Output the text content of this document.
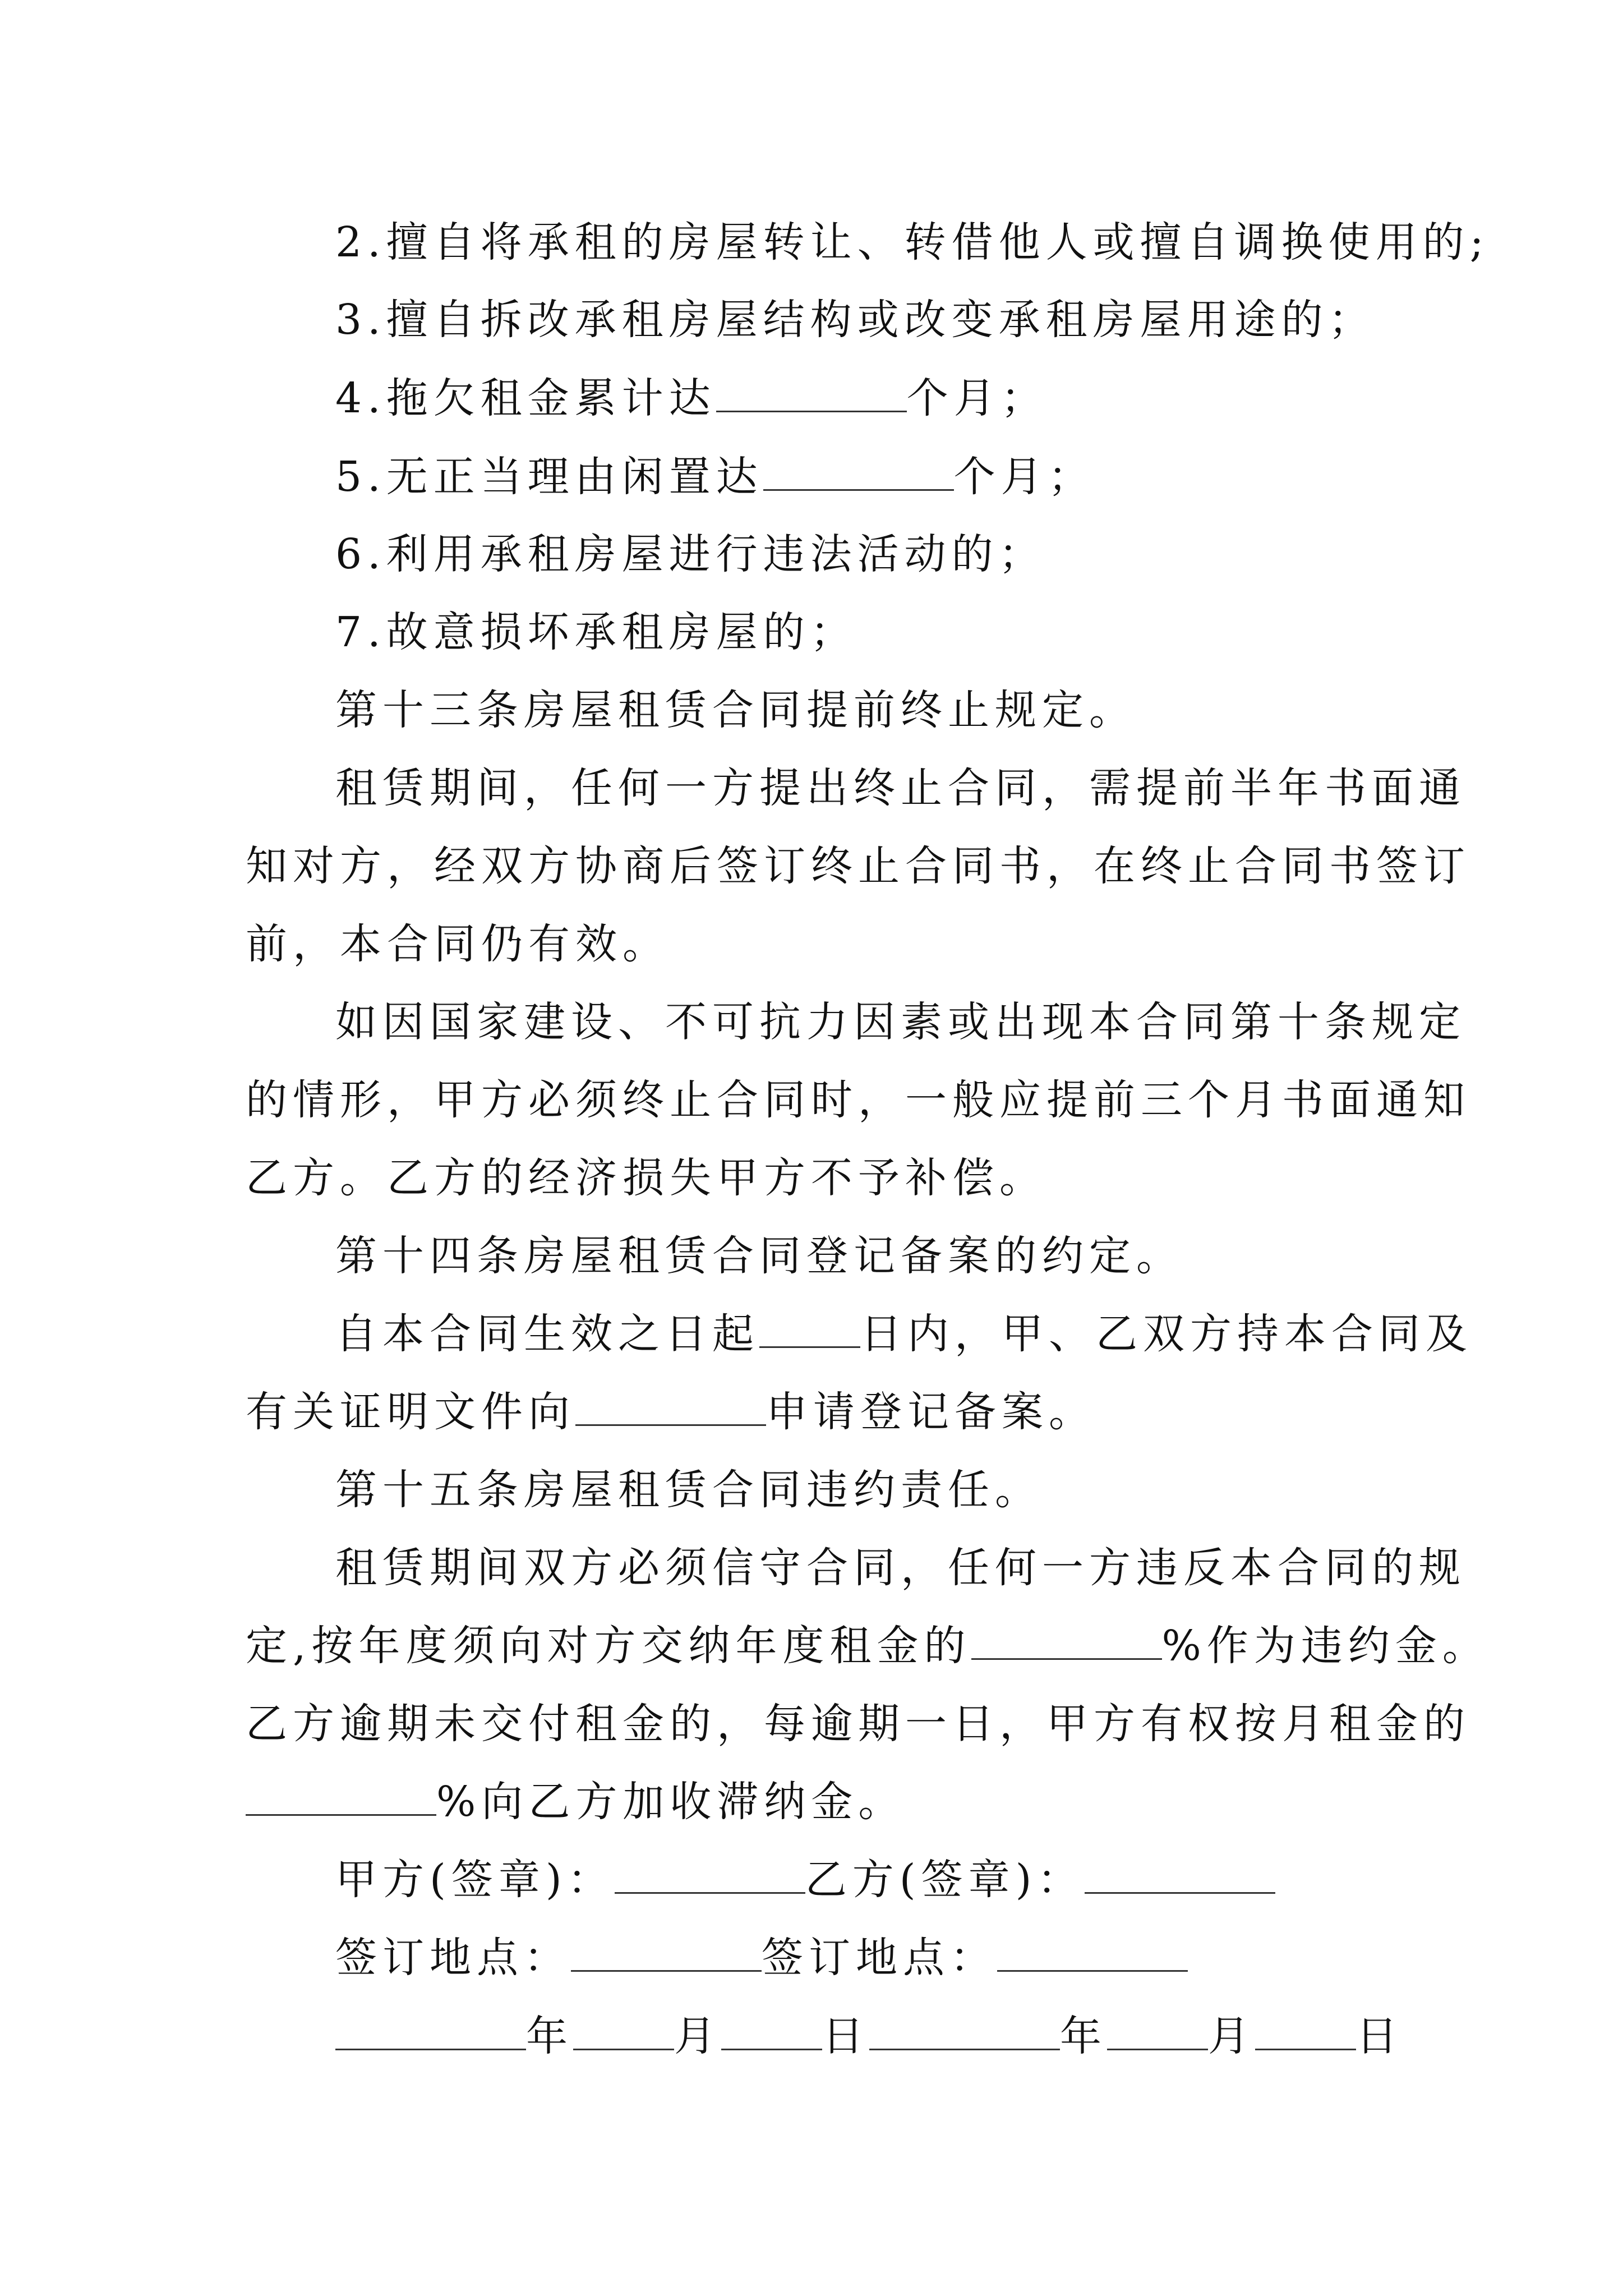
2.擅自将承租的房屋转让、转借他人或擅自调换使用的;
3.擅自拆改承租房屋结构或改变承租房屋用途的；
4.拖欠租金累计达	个月；
5.无正当理由闲置达	个月；
6.利用承租房屋进行违法活动的；
7.故意损坏承租房屋的；
第十三条房屋租赁合同提前终止规定。
租赁期间，任何一方提出终止合同，需提前半年书面通
知对方，经双方协商后签订终止合同书，在终止合同书签订
前，本合同仍有效。
如因国家建设、不可抗力因素或出现本合同第十条规定
的情形，甲方必须终止合同时，一般应提前三个月书面通知
乙方。乙方的经济损失甲方不予补偿。
第十四条房屋租赁合同登记备案的约定。
自本合同生效之日起 日内，甲、乙双方持本合同及
有关证明文件向	申请登记备案。
第十五条房屋租赁合同违约责任。
租赁期间双方必须信守合同，任何一方违反本合同的规
定,按年度须向对方交纳年度租金的	%作为违约金。
乙方逾期未交付租金的，每逾期一日，甲方有权按月租金的
%向乙方加收滞纳金。
甲方(签章)：	乙方(签章)：
签订地点：	签订地点：
年 月 日	年 月 日
